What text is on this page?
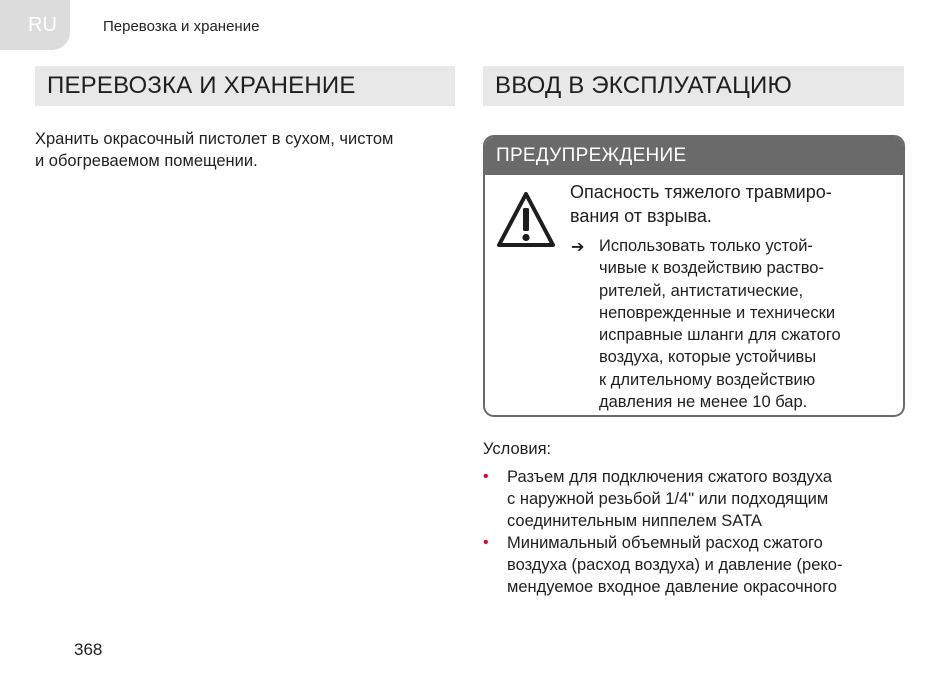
RU	Перевозка и хранение
ПЕРЕВОЗКА И ХРАНЕНИЕ
Хранить окрасочный пистолет в сухом, чистом
и обогреваемом помещении.
ВВОД В ЭКСПЛУАТАЦИЮ
ПРЕДУПРЕЖДЕНИЕ
Опасность тяжелого травмиро-
вания от взрыва.
➔ Использовать только устой-
чивые к воздействию раство-
рителей, антистатические,
неповрежденные и технически
исправные шланги для сжатого
воздуха, которые устойчивы
к длительному воздействию
давления не менее 10 бар.
Условия:
• Разъем для подключения сжатого воздуха
с наружной резьбой 1/4" или подходящим
соединительным ниппелем SATA
• Минимальный объемный расход сжатого
воздуха (расход воздуха) и давление (реко-
мендуемое входное давление окрасочного
368
